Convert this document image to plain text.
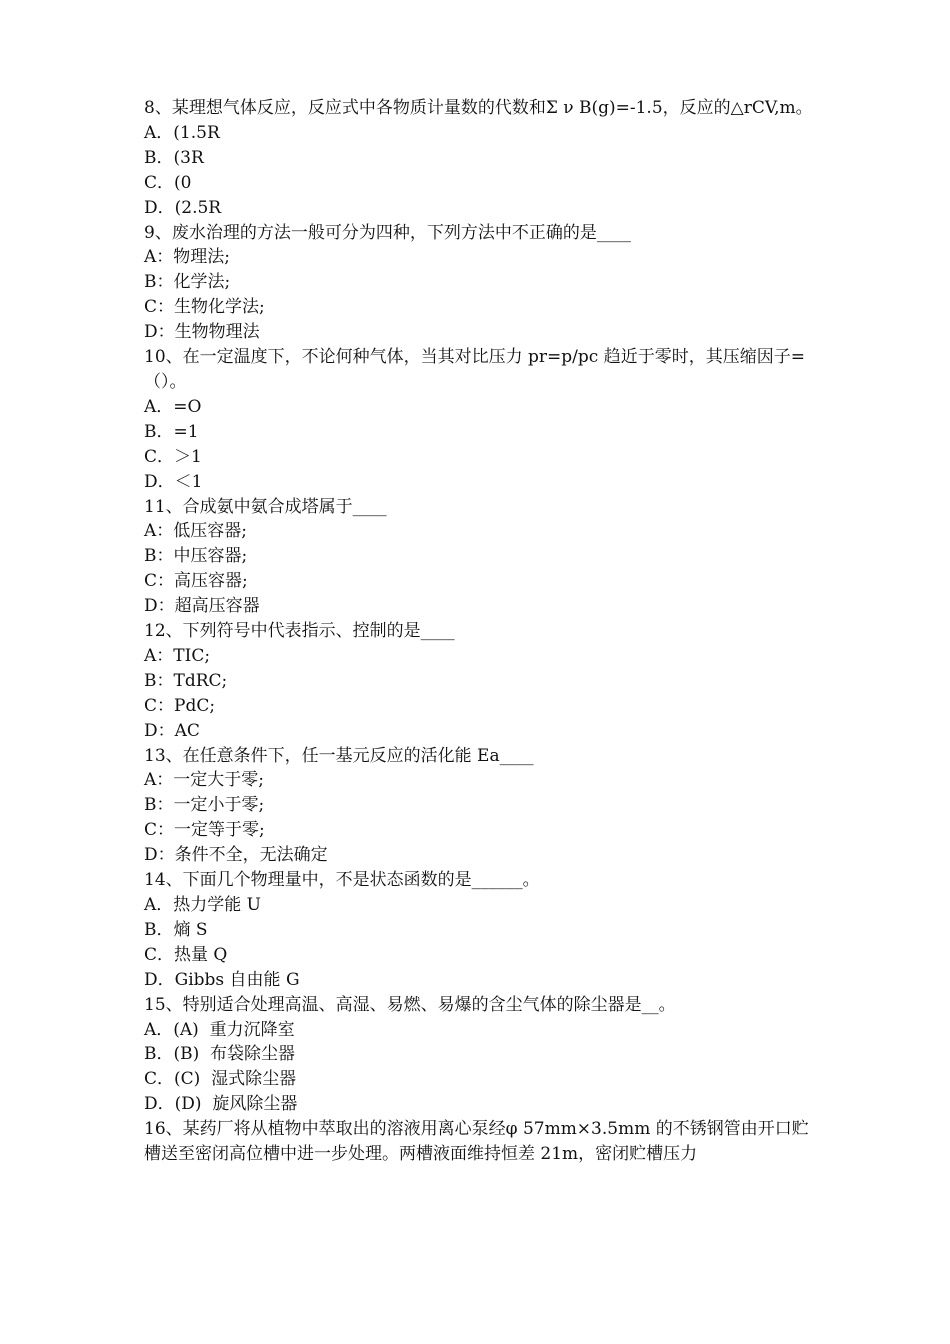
8、某理想气体反应，反应式中各物质计量数的代数和Σ ν B(g)=-1.5，反应的△rCV,m。
A．(1.5R
B．(3R
C．(0
D．(2.5R
9、废水治理的方法一般可分为四种，下列方法中不正确的是____
A：物理法;
B：化学法;
C：生物化学法;
D：生物物理法
10、在一定温度下，不论何种气体，当其对比压力 pr=p/pc 趋近于零时，其压缩因子=（）。
A．=O
B．=1
C．＞1
D．＜1
11、合成氨中氨合成塔属于____
A：低压容器;
B：中压容器;
C：高压容器;
D：超高压容器
12、下列符号中代表指示、控制的是____
A：TIC;
B：TdRC;
C：PdC;
D：AC
13、在任意条件下，任一基元反应的活化能 Ea____
A：一定大于零;
B：一定小于零;
C：一定等于零;
D：条件不全，无法确定
14、下面几个物理量中，不是状态函数的是______。
A．热力学能 U
B．熵 S
C．热量 Q
D．Gibbs 自由能 G
15、特别适合处理高温、高湿、易燃、易爆的含尘气体的除尘器是__。
A．(A)  重力沉降室
B．(B)  布袋除尘器
C．(C)  湿式除尘器
D．(D)  旋风除尘器
16、某药厂将从植物中萃取出的溶液用离心泵经φ 57mm×3.5mm 的不锈钢管由开口贮槽送至密闭高位槽中进一步处理。两槽液面维持恒差 21m，密闭贮槽压力
